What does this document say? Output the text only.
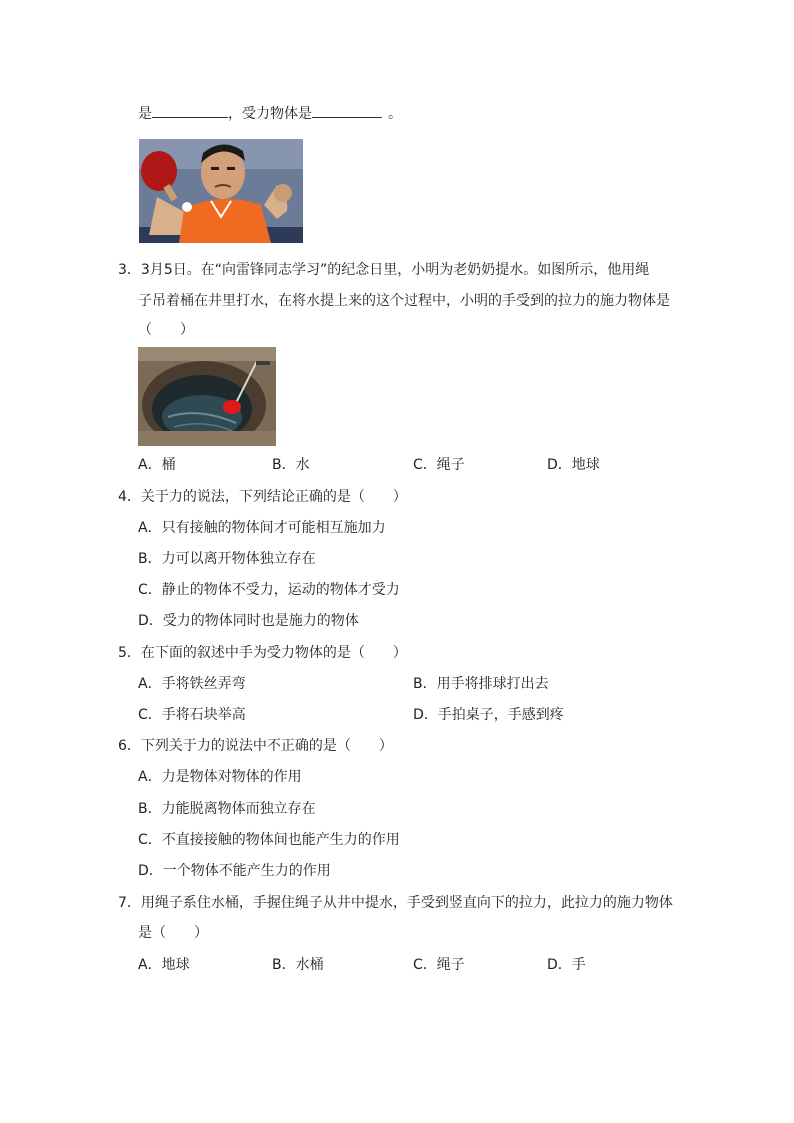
是	，受力物体是	。
3．3月5日。在“向雷锋同志学习”的纪念日里，小明为老奶奶提水。如图所示，他用绳
子吊着桶在井里打水，在将水提上来的这个过程中，小明的手受到的拉力的施力物体是
（　　）
A．桶	B．水	C．绳子	D．地球
4．关于力的说法，下列结论正确的是（　　）
A．只有接触的物体间才可能相互施加力
B．力可以离开物体独立存在
C．静止的物体不受力，运动的物体才受力
D．受力的物体同时也是施力的物体
5．在下面的叙述中手为受力物体的是（　　）
A．手将铁丝弄弯	B．用手将排球打出去
C．手将石块举高	D．手拍桌子，手感到疼
6．下列关于力的说法中不正确的是（　　）
A．力是物体对物体的作用
B．力能脱离物体而独立存在
C．不直接接触的物体间也能产生力的作用
D．一个物体不能产生力的作用
7．用绳子系住水桶，手握住绳子从井中提水，手受到竖直向下的拉力，此拉力的施力物体
是（　　）
A．地球	B．水桶	C．绳子	D．手
